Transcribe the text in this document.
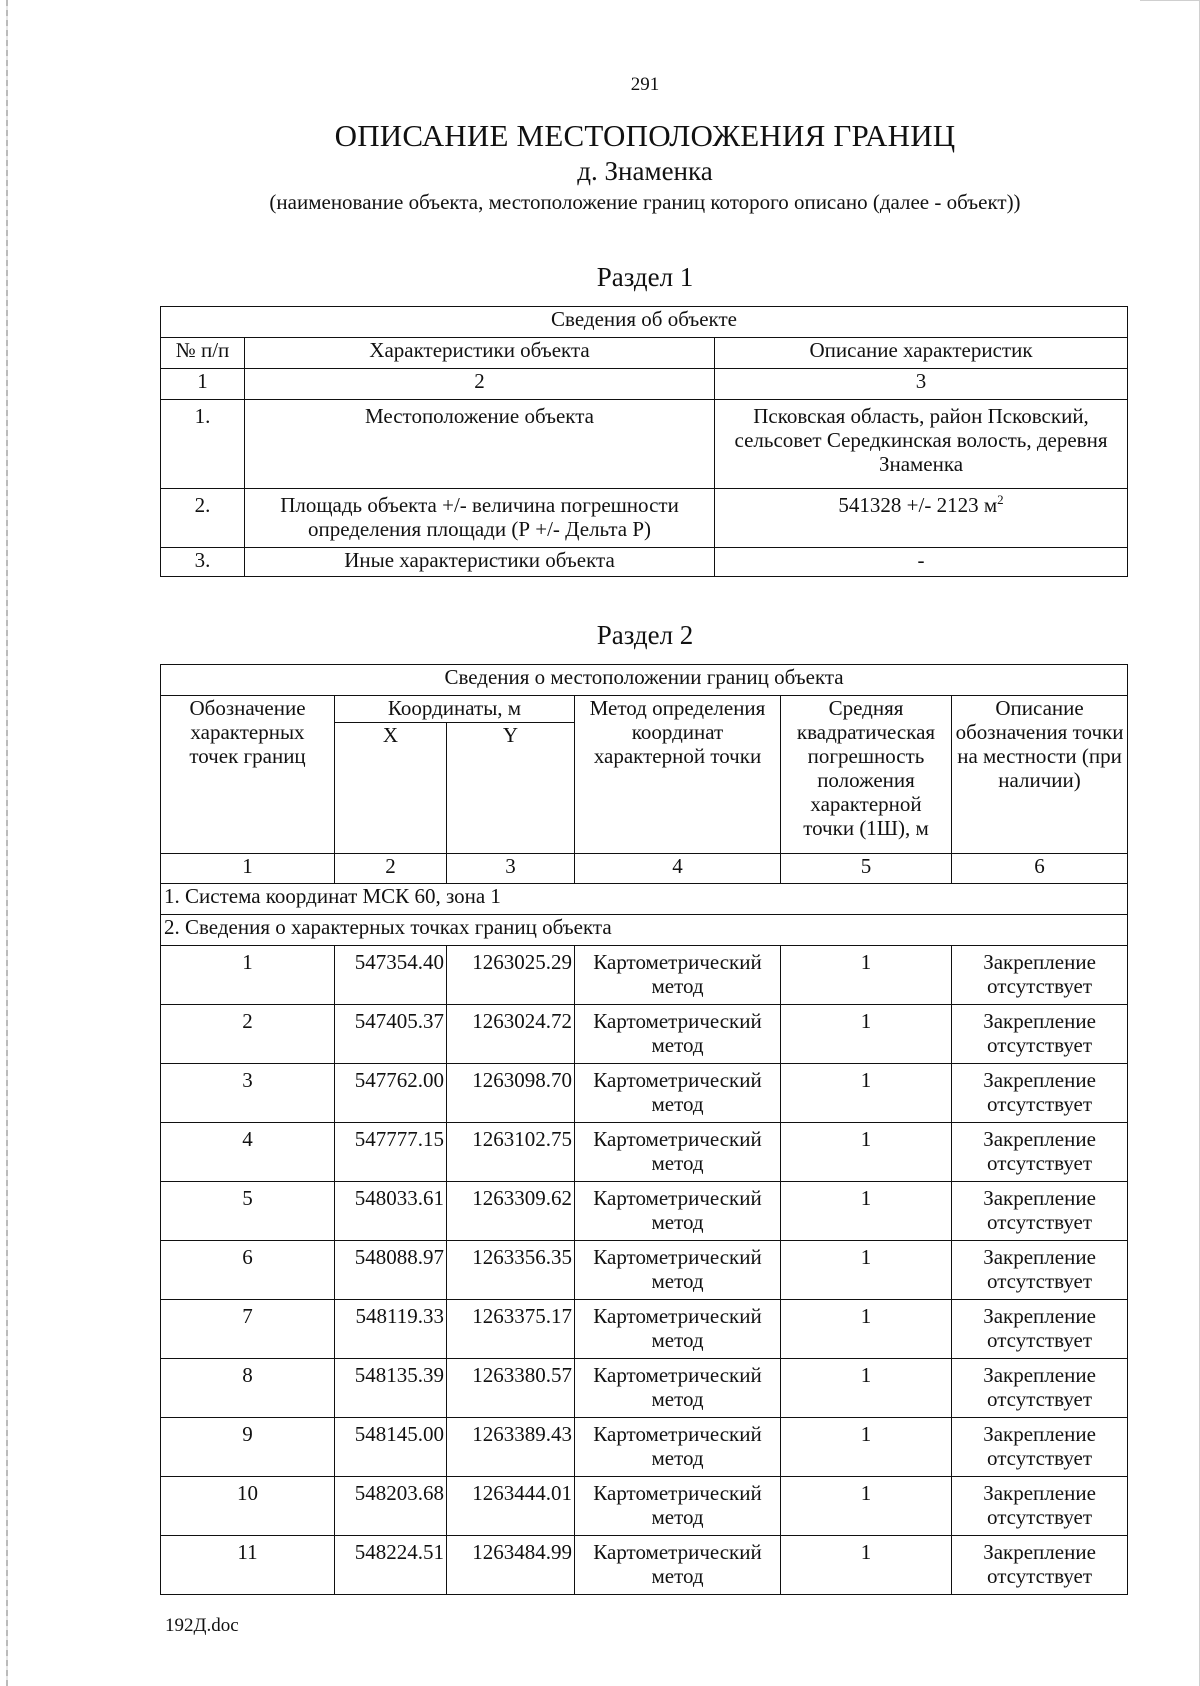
291
ОПИСАНИЕ МЕСТОПОЛОЖЕНИЯ ГРАНИЦ
д. Знаменка
(наименование объекта, местоположение границ которого описано (далее - объект))
Раздел 1
Сведения об объекте		
№ п/п	Характеристики объекта	Описание характеристик
1	2	3
1.	Местоположение объекта	Псковская область, район Псковский, сельсовет Середкинская волость, деревня Знаменка
2.	Площадь объекта +/- величина погрешности определения площади (Р +/- Дельта Р)	541328 +/- 2123 $м^2$
3.	Иные характеристики объекта	-
Раздел 2
Сведения о местоположении границ объекта					
Обозначение характерных точек границ	Координаты, м		Метод определения координат характерной точки	Средняя квадратическая погрешность положения характерной точки (1Ш), м	Описание обозначения точки на местности (при наличии)
	X	Y			
1	2	3	4	5	6
1. Система координат МСК 60, зона 1					
2. Сведения о характерных точках границ объекта					
1	547354.40	1263025.29	Картометрический метод	1	Закрепление отсутствует
2	547405.37	1263024.72	Картометрический метод	1	Закрепление отсутствует
3	547762.00	1263098.70	Картометрический метод	1	Закрепление отсутствует
4	547777.15	1263102.75	Картометрический метод	1	Закрепление отсутствует
5	548033.61	1263309.62	Картометрический метод	1	Закрепление отсутствует
6	548088.97	1263356.35	Картометрический метод	1	Закрепление отсутствует
7	548119.33	1263375.17	Картометрический метод	1	Закрепление отсутствует
8	548135.39	1263380.57	Картометрический метод	1	Закрепление отсутствует
9	548145.00	1263389.43	Картометрический метод	1	Закрепление отсутствует
10	548203.68	1263444.01	Картометрический метод	1	Закрепление отсутствует
11	548224.51	1263484.99	Картометрический метод	1	Закрепление отсутствует
192Д.doc
